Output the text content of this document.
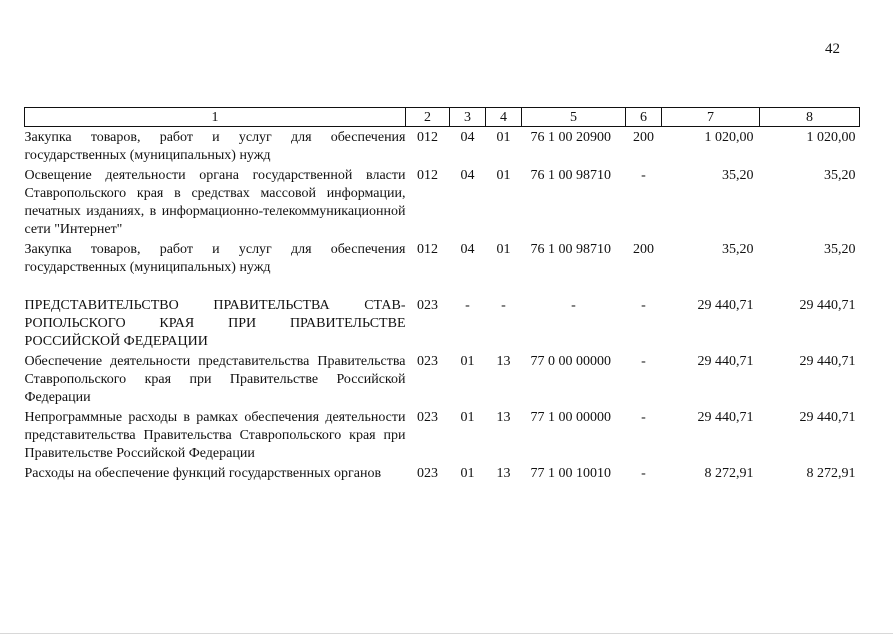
42
1	2	3	4	5	6	7	8
Закупка товаров, работ и услуг для обеспечения государственных (муниципальных) нужд	012	04	01	76 1 00 20900	200	1 020,00	1 020,00
Освещение деятельности органа государственной власти Ставропольского края в средствах массовой информации, печатных изданиях, в информационно-телекоммуникационной сети "Интернет"	012	04	01	76 1 00 98710	-	35,20	35,20
Закупка товаров, работ и услуг для обеспечения государственных (муниципальных) нужд	012	04	01	76 1 00 98710	200	35,20	35,20
ПРЕДСТАВИТЕЛЬСТВО ПРАВИТЕЛЬСТВА СТАВ-РОПОЛЬСКОГО КРАЯ ПРИ ПРАВИТЕЛЬСТВЕ РОССИЙСКОЙ ФЕДЕРАЦИИ	023	-	-	-	-	29 440,71	29 440,71
Обеспечение деятельности представительства Правительства Ставропольского края при Правительстве Российской Федерации	023	01	13	77 0 00 00000	-	29 440,71	29 440,71
Непрограммные расходы в рамках обеспечения деятельности представительства Правительства Ставропольского края при Правительстве Российской Федерации	023	01	13	77 1 00 00000	-	29 440,71	29 440,71
Расходы на обеспечение функций государственных органов	023	01	13	77 1 00 10010	-	8 272,91	8 272,91
